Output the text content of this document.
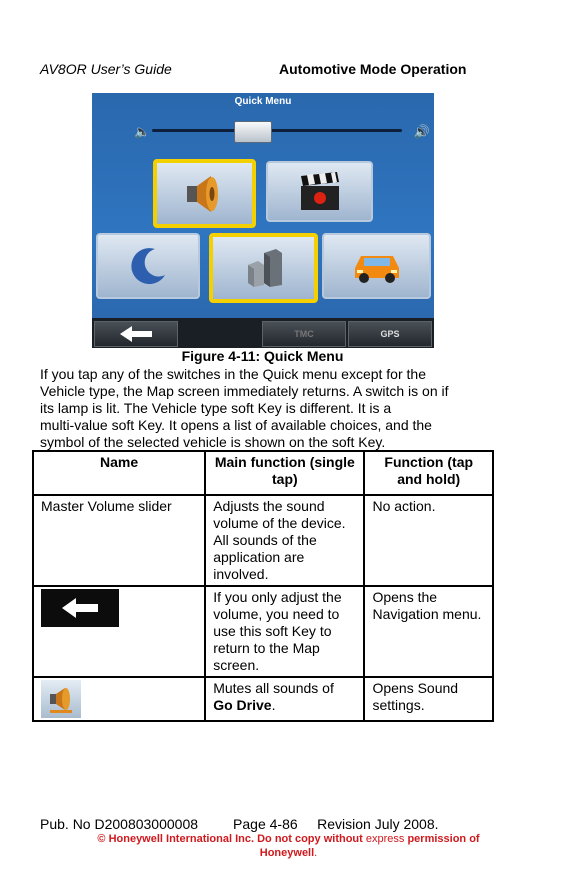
AV8OR User’s Guide	Automotive Mode Operation
Quick Menu
🔈	🔊
TMC	GPS
Figure 4-11: Quick Menu
If you tap any of the switches in the Quick menu except for the
Vehicle type, the Map screen immediately returns. A switch is on if
its lamp is lit. The Vehicle type soft Key is different. It is a
multi-value soft Key. It opens a list of available choices, and the
symbol of the selected vehicle is shown on the soft Key.
Name	Main function (single tap)	Function (tap and hold)
Master Volume slider	Adjusts the sound volume of the device. All sounds of the application are involved.	No action.

	If you only adjust the volume, you need to use this soft Key to return to the Map screen.	Opens the Navigation menu.

	Mutes all sounds of Go Drive.	Opens Sound settings.
Pub. No D200803000008	Page 4-86 Revision July 2008.
© Honeywell International Inc. Do not copy without express permission of
Honeywell.
